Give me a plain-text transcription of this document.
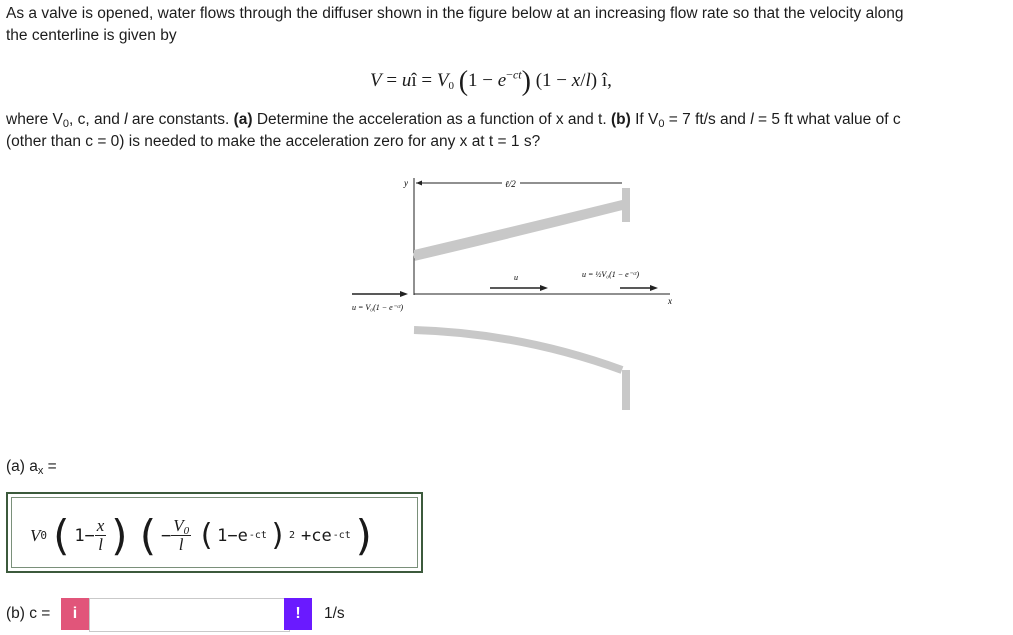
As a valve is opened, water flows through the diffuser shown in the figure below at an increasing flow rate so that the velocity along
the centerline is given by
V = uî = $V_0$ $(1 - e^{-ct})$ (1 − x/l) î,
where $V_0$, c, and l are constants. (a) Determine the acceleration as a function of x and t. (b) If $V_0 = 7$ ft/s and l = 5 ft what value of c
(other than c = 0) is needed to make the acceleration zero for any x at t = 1 s?
y	ℓ/2
x
u	u = ½V₀(1 − e⁻ᶜᵗ)
u = V₀(1 − e⁻ᶜᵗ)
(a) $a_x$ =
V 0 ( $1- \frac{x}{l}$ ) ( − $\frac{V_0}{l}$ ( 1−e -ct ) 2 +ce -ct )
(b) c =	i	!	1/s
